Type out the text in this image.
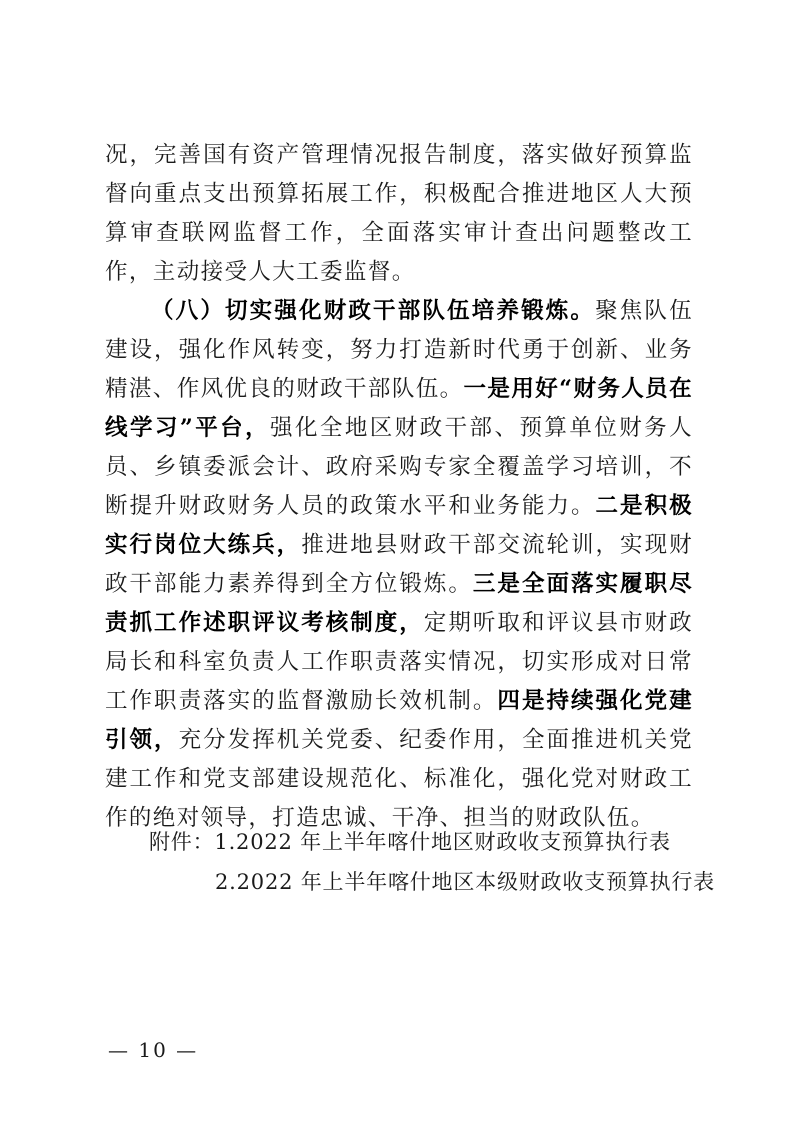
况，完善国有资产管理情况报告制度，落实做好预算监督向重点支出预算拓展工作，积极配合推进地区人大预算审查联网监督工作，全面落实审计查出问题整改工作，主动接受人大工委监督。

（八）切实强化财政干部队伍培养锻炼。聚焦队伍建设，强化作风转变，努力打造新时代勇于创新、业务精湛、作风优良的财政干部队伍。一是用好“财务人员在线学习”平台，强化全地区财政干部、预算单位财务人员、乡镇委派会计、政府采购专家全覆盖学习培训，不断提升财政财务人员的政策水平和业务能力。二是积极实行岗位大练兵，推进地县财政干部交流轮训，实现财政干部能力素养得到全方位锻炼。三是全面落实履职尽责抓工作述职评议考核制度，定期听取和评议县市财政局长和科室负责人工作职责落实情况，切实形成对日常工作职责落实的监督激励长效机制。四是持续强化党建引领，充分发挥机关党委、纪委作用，全面推进机关党建工作和党支部建设规范化、标准化，强化党对财政工作的绝对领导，打造忠诚、干净、担当的财政队伍。

附件：1.2022 年上半年喀什地区财政收支预算执行表
2.2022 年上半年喀什地区本级财政收支预算执行表
— 10 —
